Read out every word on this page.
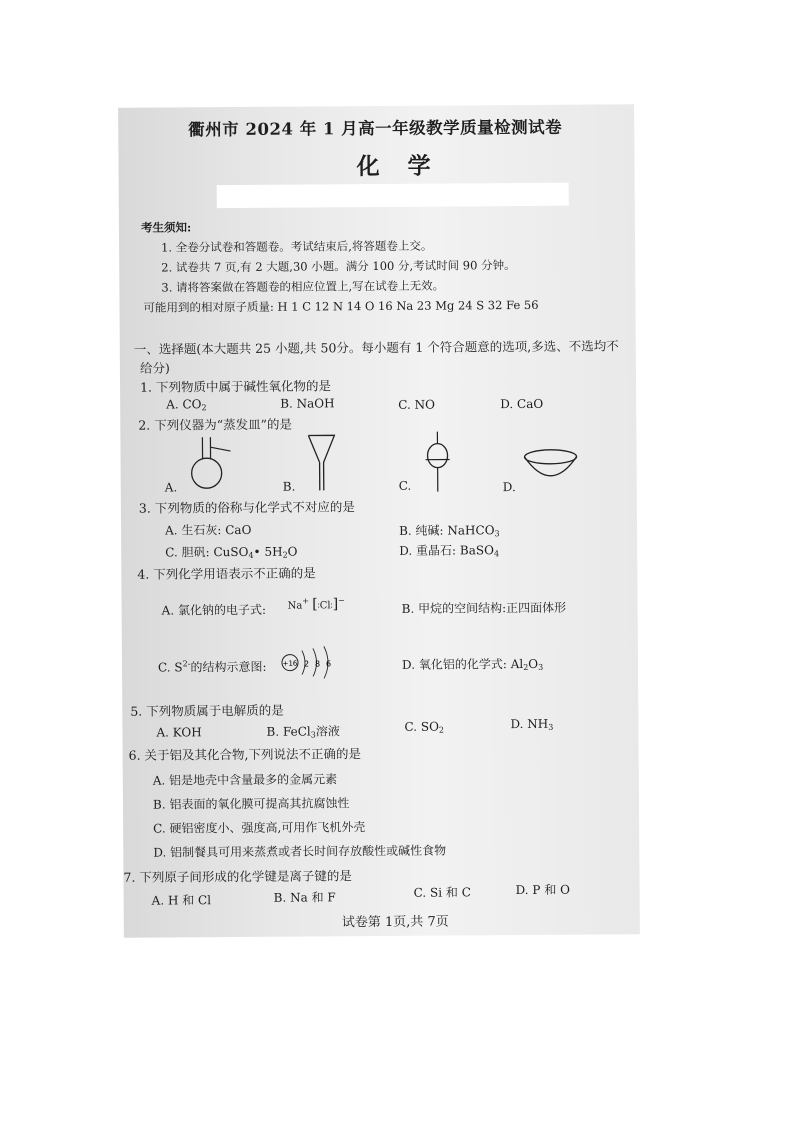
衢州市 2024 年 1 月高一年级教学质量检测试卷
化 学
考生须知:
1. 全卷分试卷和答题卷。考试结束后,将答题卷上交。
2. 试卷共 7 页,有 2 大题,30 小题。满分 100 分,考试时间 90 分钟。
3. 请将答案做在答题卷的相应位置上,写在试卷上无效。
可能用到的相对原子质量: H 1 C 12 N 14 O 16 Na 23 Mg 24 S 32 Fe 56
一、选择题(本大题共 25 小题,共 50分。每小题有 1 个符合题意的选项,多选、不选均不
给分)
1. 下列物质中属于碱性氧化物的是
A. $CO_2$	B. NaOH	C. NO	D. CaO
2. 下列仪器为“蒸发皿”的是
A.	B.	C.	D.
3. 下列物质的俗称与化学式不对应的是
A. 生石灰: CaO	B. 纯碱: NaHCO$_3$
C. 胆矾: CuSO$_4$• $5H_2O$	D. 重晶石: BaSO$_4$
4. 下列化学用语表示不正确的是
A. 氯化钠的电子式: Na+ [∶Cl∶]−	B. 甲烷的空间结构:正四面体形
C. $S^{2-}$的结构示意图: +16 2 8 6	D. 氧化铝的化学式: $Al_2O_3$
5. 下列物质属于电解质的是
A. KOH	B. FeCl$_3$溶液	C. $SO_2$	D. $NH_3$
6. 关于铝及其化合物,下列说法不正确的是
A. 铝是地壳中含量最多的金属元素
B. 铝表面的氧化膜可提高其抗腐蚀性
C. 硬铝密度小、强度高,可用作飞机外壳
D. 铝制餐具可用来蒸煮或者长时间存放酸性或碱性食物
7. 下列原子间形成的化学键是离子键的是
A. H 和 Cl	B. Na 和 F	C. Si 和 C	D. P 和 O
试卷第 1页,共 7页
